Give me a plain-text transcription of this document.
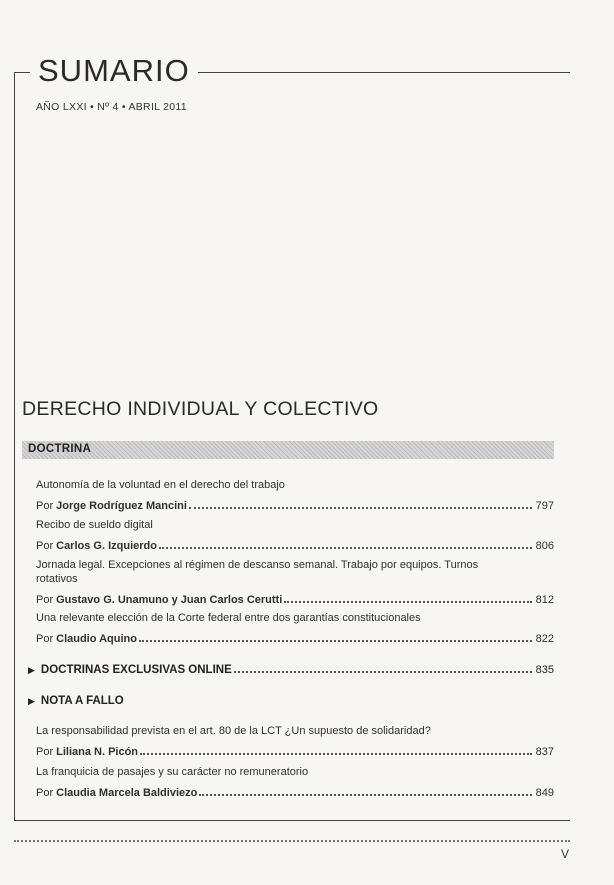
SUMARIO
AÑO LXXI • Nº 4 • ABRIL 2011
DERECHO INDIVIDUAL Y COLECTIVO
DOCTRINA
Autonomía de la voluntad en el derecho del trabajo
Por Jorge Rodríguez Mancini	797
Recibo de sueldo digital
Por Carlos G. Izquierdo	806
Jornada legal. Excepciones al régimen de descanso semanal. Trabajo por equipos. Turnos
rotativos
Por Gustavo G. Unamuno y Juan Carlos Cerutti	812
Una relevante elección de la Corte federal entre dos garantías constitucionales
Por Claudio Aquino	822
▶ DOCTRINAS EXCLUSIVAS ONLINE	835
▶ NOTA A FALLO
La responsabilidad prevista en el art. 80 de la LCT ¿Un supuesto de solidaridad?
Por Liliana N. Picón	837
La franquicia de pasajes y su carácter no remuneratorio
Por Claudia Marcela Baldiviezo	849
V
